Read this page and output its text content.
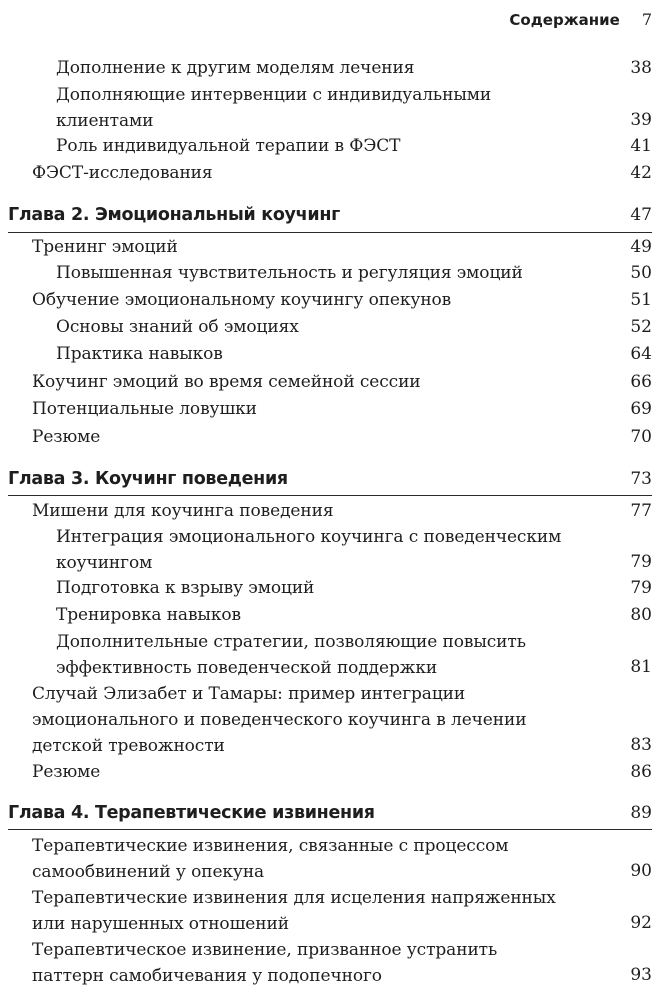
Содержание 7
Дополнение к другим моделям лечения	38
Дополняющие интервенции с индивидуальными
клиентами	39
Роль индивидуальной терапии в ФЭСТ	41
ФЭСТ-исследования	42
Глава 2. Эмоциональный коучинг	47
Тренинг эмоций	49
Повышенная чувствительность и регуляция эмоций	50
Обучение эмоциональному коучингу опекунов	51
Основы знаний об эмоциях	52
Практика навыков	64
Коучинг эмоций во время семейной сессии	66
Потенциальные ловушки	69
Резюме	70
Глава 3. Коучинг поведения	73
Мишени для коучинга поведения	77
Интеграция эмоционального коучинга с поведенческим
коучингом	79
Подготовка к взрыву эмоций	79
Тренировка навыков	80
Дополнительные стратегии, позволяющие повысить
эффективность поведенческой поддержки	81
Случай Элизабет и Тамары: пример интеграции
эмоционального и поведенческого коучинга в лечении
детской тревожности	83
Резюме	86
Глава 4. Терапевтические извинения	89
Терапевтические извинения, связанные с процессом
самообвинений у опекуна	90
Терапевтические извинения для исцеления напряженных
или нарушенных отношений	92
Терапевтическое извинение, призванное устранить
паттерн самобичевания у подопечного	93
